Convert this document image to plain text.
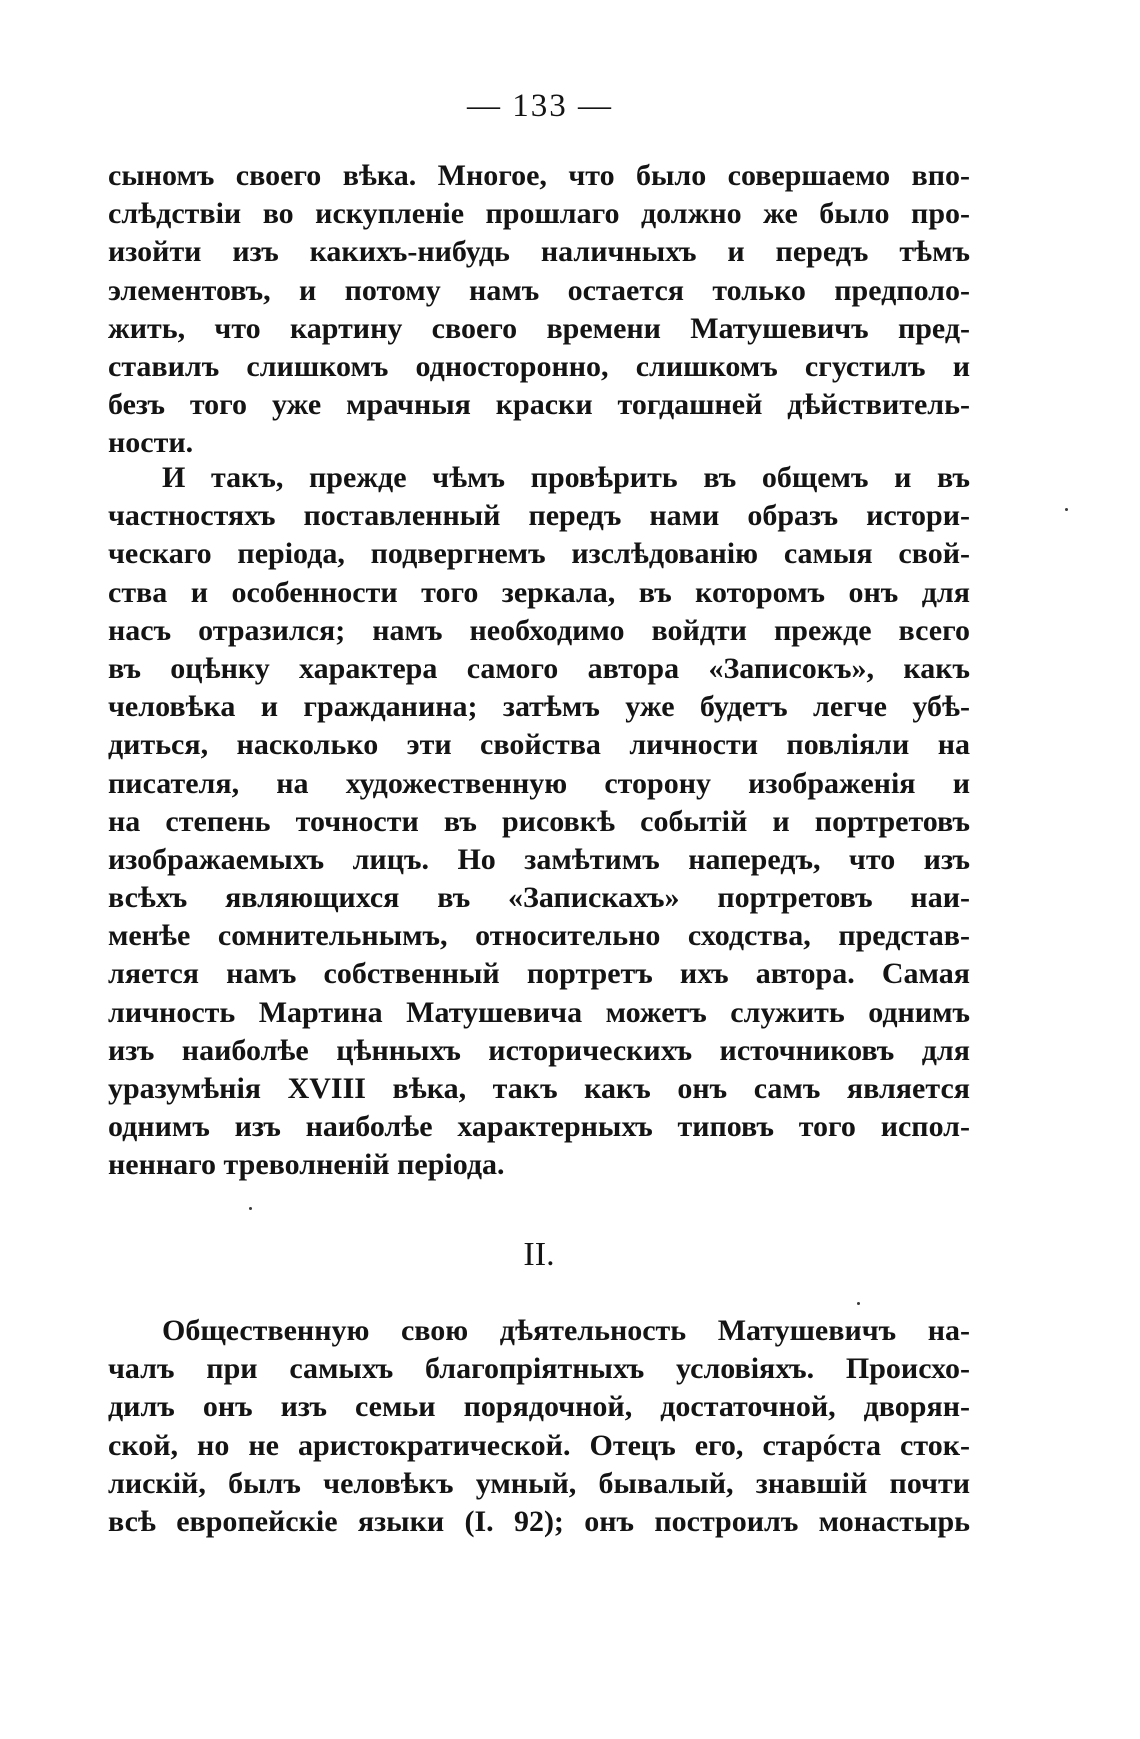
— 133 —

сыномъ своего вѣка. Многое, что было совершаемо впо-
слѣдствіи во искупленіе прошлаго должно же было про-
изойти изъ какихъ-нибудь наличныхъ и передъ тѣмъ
элементовъ, и потому намъ остается только предполо-
жить, что картину своего времени Матушевичъ пред-
ставилъ слишкомъ односторонно, слишкомъ сгустилъ и
безъ того уже мрачныя краски тогдашней дѣйствитель-
ности.
И такъ, прежде чѣмъ провѣрить въ общемъ и въ
частностяхъ поставленный передъ нами образъ истори-
ческаго періода, подвергнемъ изслѣдованію самыя свой-
ства и особенности того зеркала, въ которомъ онъ для
насъ отразился; намъ необходимо войдти прежде всего
въ оцѣнку характера самого автора «Записокъ», какъ
человѣка и гражданина; затѣмъ уже будетъ легче убѣ-
диться, насколько эти свойства личности повліяли на
писателя, на художественную сторону изображенія и
на степень точности въ рисовкѣ событій и портретовъ
изображаемыхъ лицъ. Но замѣтимъ напередъ, что изъ
всѣхъ являющихся въ «Запискахъ» портретовъ наи-
менѣе сомнительнымъ, относительно сходства, представ-
ляется намъ собственный портретъ ихъ автора. Самая
личность Мартина Матушевича можетъ служить однимъ
изъ наиболѣе цѣнныхъ историческихъ источниковъ для
уразумѣнія XVIII вѣка, такъ какъ онъ самъ является
однимъ изъ наиболѣе характерныхъ типовъ того испол-
неннаго треволненій періода.

II.

Общественную свою дѣятельность Матушевичъ на-
чалъ при самыхъ благопріятныхъ условіяхъ. Происхо-
дилъ онъ изъ семьи порядочной, достаточной, дворян-
ской, но не аристократической. Отецъ его, старóста сток-
лискій, былъ человѣкъ умный, бывалый, знавшій почти
всѣ европейскіе языки (I. 92); онъ построилъ монастырь
